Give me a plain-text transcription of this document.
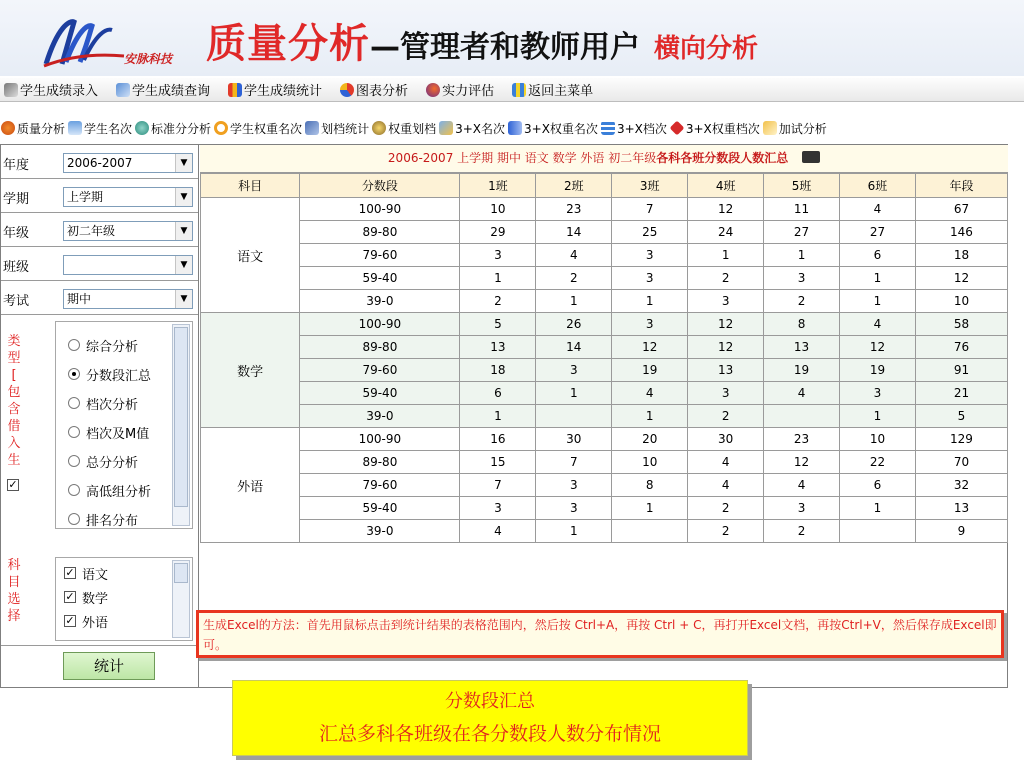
安脉科技 质量分析—管理者和教师用户 横向分析
学生成绩录入	学生成绩查询	学生成绩统计	图表分析	实力评估	返回主菜单
质量分析 学生名次 标准分分析 学生权重名次 划档统计 权重划档 3+X名次 3+X权重名次 3+X档次 3+X权重档次 加试分析
年度	2006-2007	▼
学期	上学期	▼
年级	初二年级	▼
班级	▼
考试	期中	▼
类
型
[
包
含
借
入
生
✓
综合分析
分数段汇总
档次分析
档次及M值
总分分析
高低组分析
排名分布
科
目
选
择
✓ 语文
✓ 数学
✓ 外语
统计
2006-2007 上学期 期中 语文 数学 外语 初二年级各科各班分数段人数汇总
科目	分数段	1班	2班	3班	4班	5班	6班	年段
语文	100-90	10	23	7	12	11	4	67
	89-80	29	14	25	24	27	27	146
	79-60	3	4	3	1	1	6	18
	59-40	1	2	3	2	3	1	12
	39-0	2	1	1	3	2	1	10
数学	100-90	5	26	3	12	8	4	58
	89-80	13	14	12	12	13	12	76
	79-60	18	3	19	13	19	19	91
	59-40	6	1	4	3	4	3	21
	39-0	1		1	2		1	5
外语	100-90	16	30	20	30	23	10	129
	89-80	15	7	10	4	12	22	70
	79-60	7	3	8	4	4	6	32
	59-40	3	3	1	2	3	1	13
	39-0	4	1		2	2		9
生成Excel的方法：首先用鼠标点击到统计结果的表格范围内，然后按 Ctrl+A，再按 Ctrl + C，再打开Excel文档，再按Ctrl+V，然后保存成Excel即可。
分数段汇总
汇总多科各班级在各分数段人数分布情况
